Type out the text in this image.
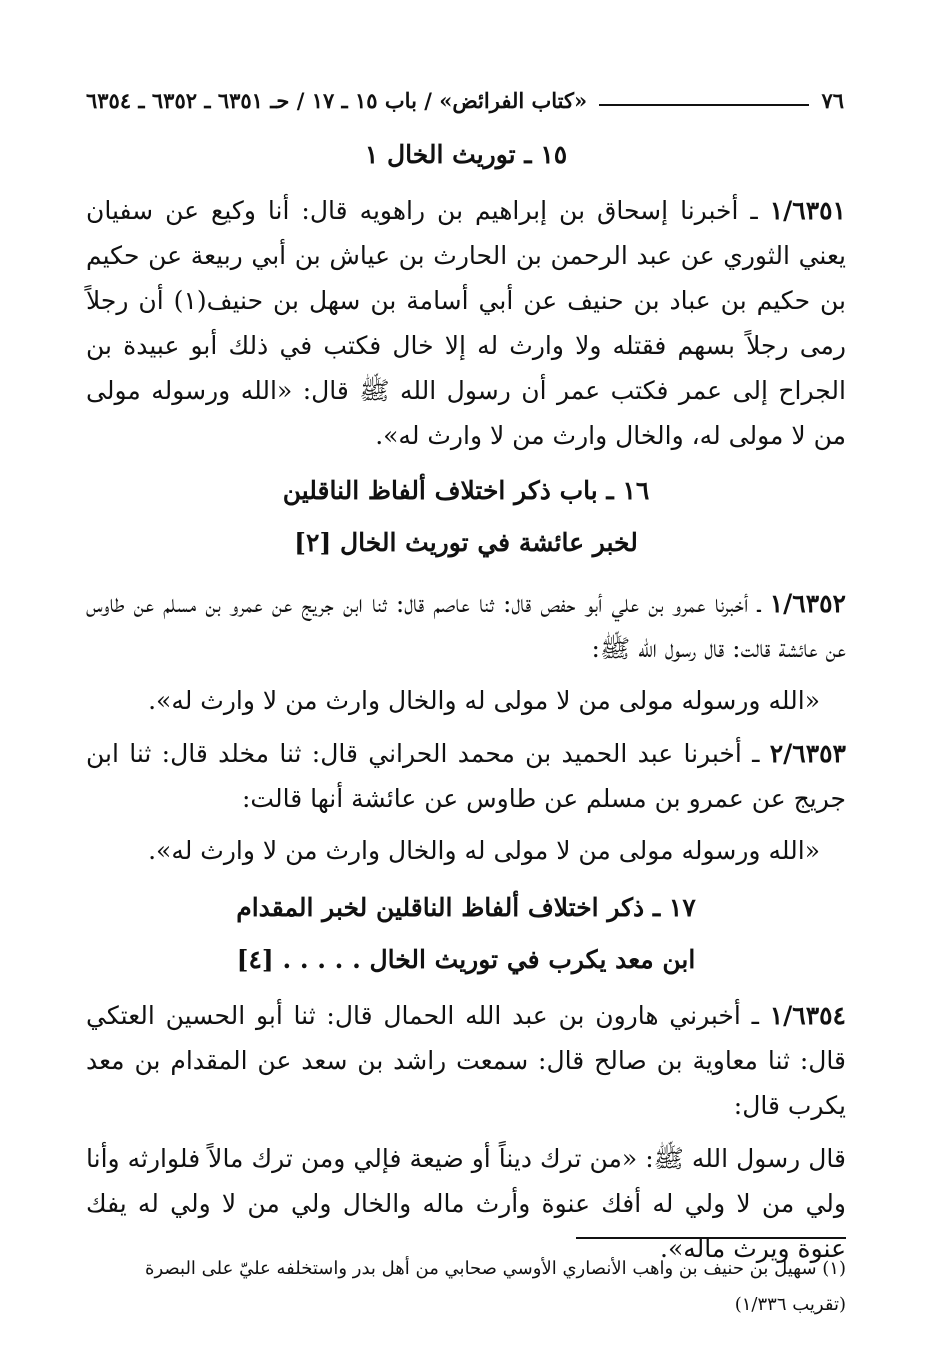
٧٦
«كتاب الفرائض» / باب ١٥ ـ ١٧ / حـ ٦٣٥١ ـ ٦٣٥٢ ـ ٦٣٥٤
١٥ ـ توريث الخال ١
١/٦٣٥١ ـ أخبرنا إسحاق بن إبراهيم بن راهويه قال: أنا وكيع عن سفيان يعني الثوري عن عبد الرحمن بن الحارث بن عياش بن أبي ربيعة عن حكيم بن حكيم بن عباد بن حنيف عن أبي أسامة بن سهل بن حنيف(١) أن رجلاً رمى رجلاً بسهم فقتله ولا وارث له إلا خال فكتب في ذلك أبو عبيدة بن الجراح إلى عمر فكتب عمر أن رسول الله ﷺ قال: «الله ورسوله مولى من لا مولى له، والخال وارث من لا وارث له».
١٦ ـ باب ذكر اختلاف ألفاظ الناقلين
لخبر عائشة في توريث الخال [٢]
١/٦٣٥٢ ـ أخبرنا عمرو بن علي أبو حفص قال: ثنا عاصم قال: ثنا ابن جريج عن عمرو بن مسلم عن طاوس عن عائشة قالت: قال رسول الله ﷺ:
«الله ورسوله مولى من لا مولى له والخال وارث من لا وارث له».
٢/٦٣٥٣ ـ أخبرنا عبد الحميد بن محمد الحراني قال: ثنا مخلد قال: ثنا ابن جريج عن عمرو بن مسلم عن طاوس عن عائشة أنها قالت:
«الله ورسوله مولى من لا مولى له والخال وارث من لا وارث له».
١٧ ـ ذكر اختلاف ألفاظ الناقلين لخبر المقدام
ابن معد يكرب في توريث الخال . . . . . [٤]
١/٦٣٥٤ ـ أخبرني هارون بن عبد الله الحمال قال: ثنا أبو الحسين العتكي قال: ثنا معاوية بن صالح قال: سمعت راشد بن سعد عن المقدام بن معد يكرب قال:
قال رسول الله ﷺ: «من ترك ديناً أو ضيعة فإلي ومن ترك مالاً فلوارثه وأنا ولي من لا ولي له أفك عنوة وأرث ماله والخال ولي من لا ولي له يفك عنوة ويرث ماله».
(١) سهيل بن حنيف بن واهب الأنصاري الأوسي صحابي من أهل بدر واستخلفه عليّ على البصرة
(تقريب ١/٣٣٦)
